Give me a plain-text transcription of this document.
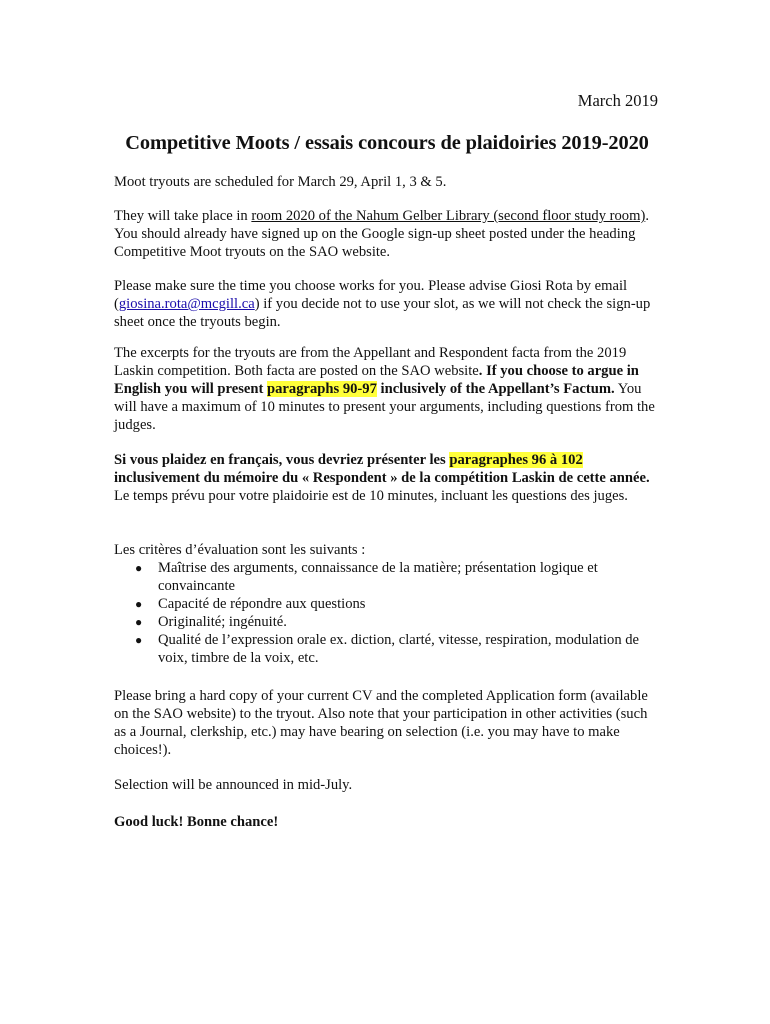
March 2019
Competitive Moots / essais concours de plaidoiries 2019-2020

Moot tryouts are scheduled for March 29, April 1, 3 & 5.

They will take place in room 2020 of the Nahum Gelber Library (second floor study room). You should already have signed up on the Google sign-up sheet posted under the heading Competitive Moot tryouts on the SAO website.

Please make sure the time you choose works for you. Please advise Giosi Rota by email (giosina.rota@mcgill.ca) if you decide not to use your slot, as we will not check the sign-up sheet once the tryouts begin.

The excerpts for the tryouts are from the Appellant and Respondent facta from the 2019 Laskin competition. Both facta are posted on the SAO website. If you choose to argue in English you will present paragraphs 90-97 inclusively of the Appellant’s Factum. You will have a maximum of 10 minutes to present your arguments, including questions from the judges.

Si vous plaidez en français, vous devriez présenter les paragraphes 96 à 102 inclusivement du mémoire du « Respondent » de la compétition Laskin de cette année. Le temps prévu pour votre plaidoirie est de 10 minutes, incluant les questions des juges.

Les critères d’évaluation sont les suivants :

● Maîtrise des arguments, connaissance de la matière; présentation logique et convaincante
● Capacité de répondre aux questions
● Originalité; ingénuité.
● Qualité de l’expression orale ex. diction, clarté, vitesse, respiration, modulation de voix, timbre de la voix, etc.

Please bring a hard copy of your current CV and the completed Application form (available on the SAO website) to the tryout. Also note that your participation in other activities (such as a Journal, clerkship, etc.) may have bearing on selection (i.e. you may have to make choices!).

Selection will be announced in mid-July.

Good luck! Bonne chance!
